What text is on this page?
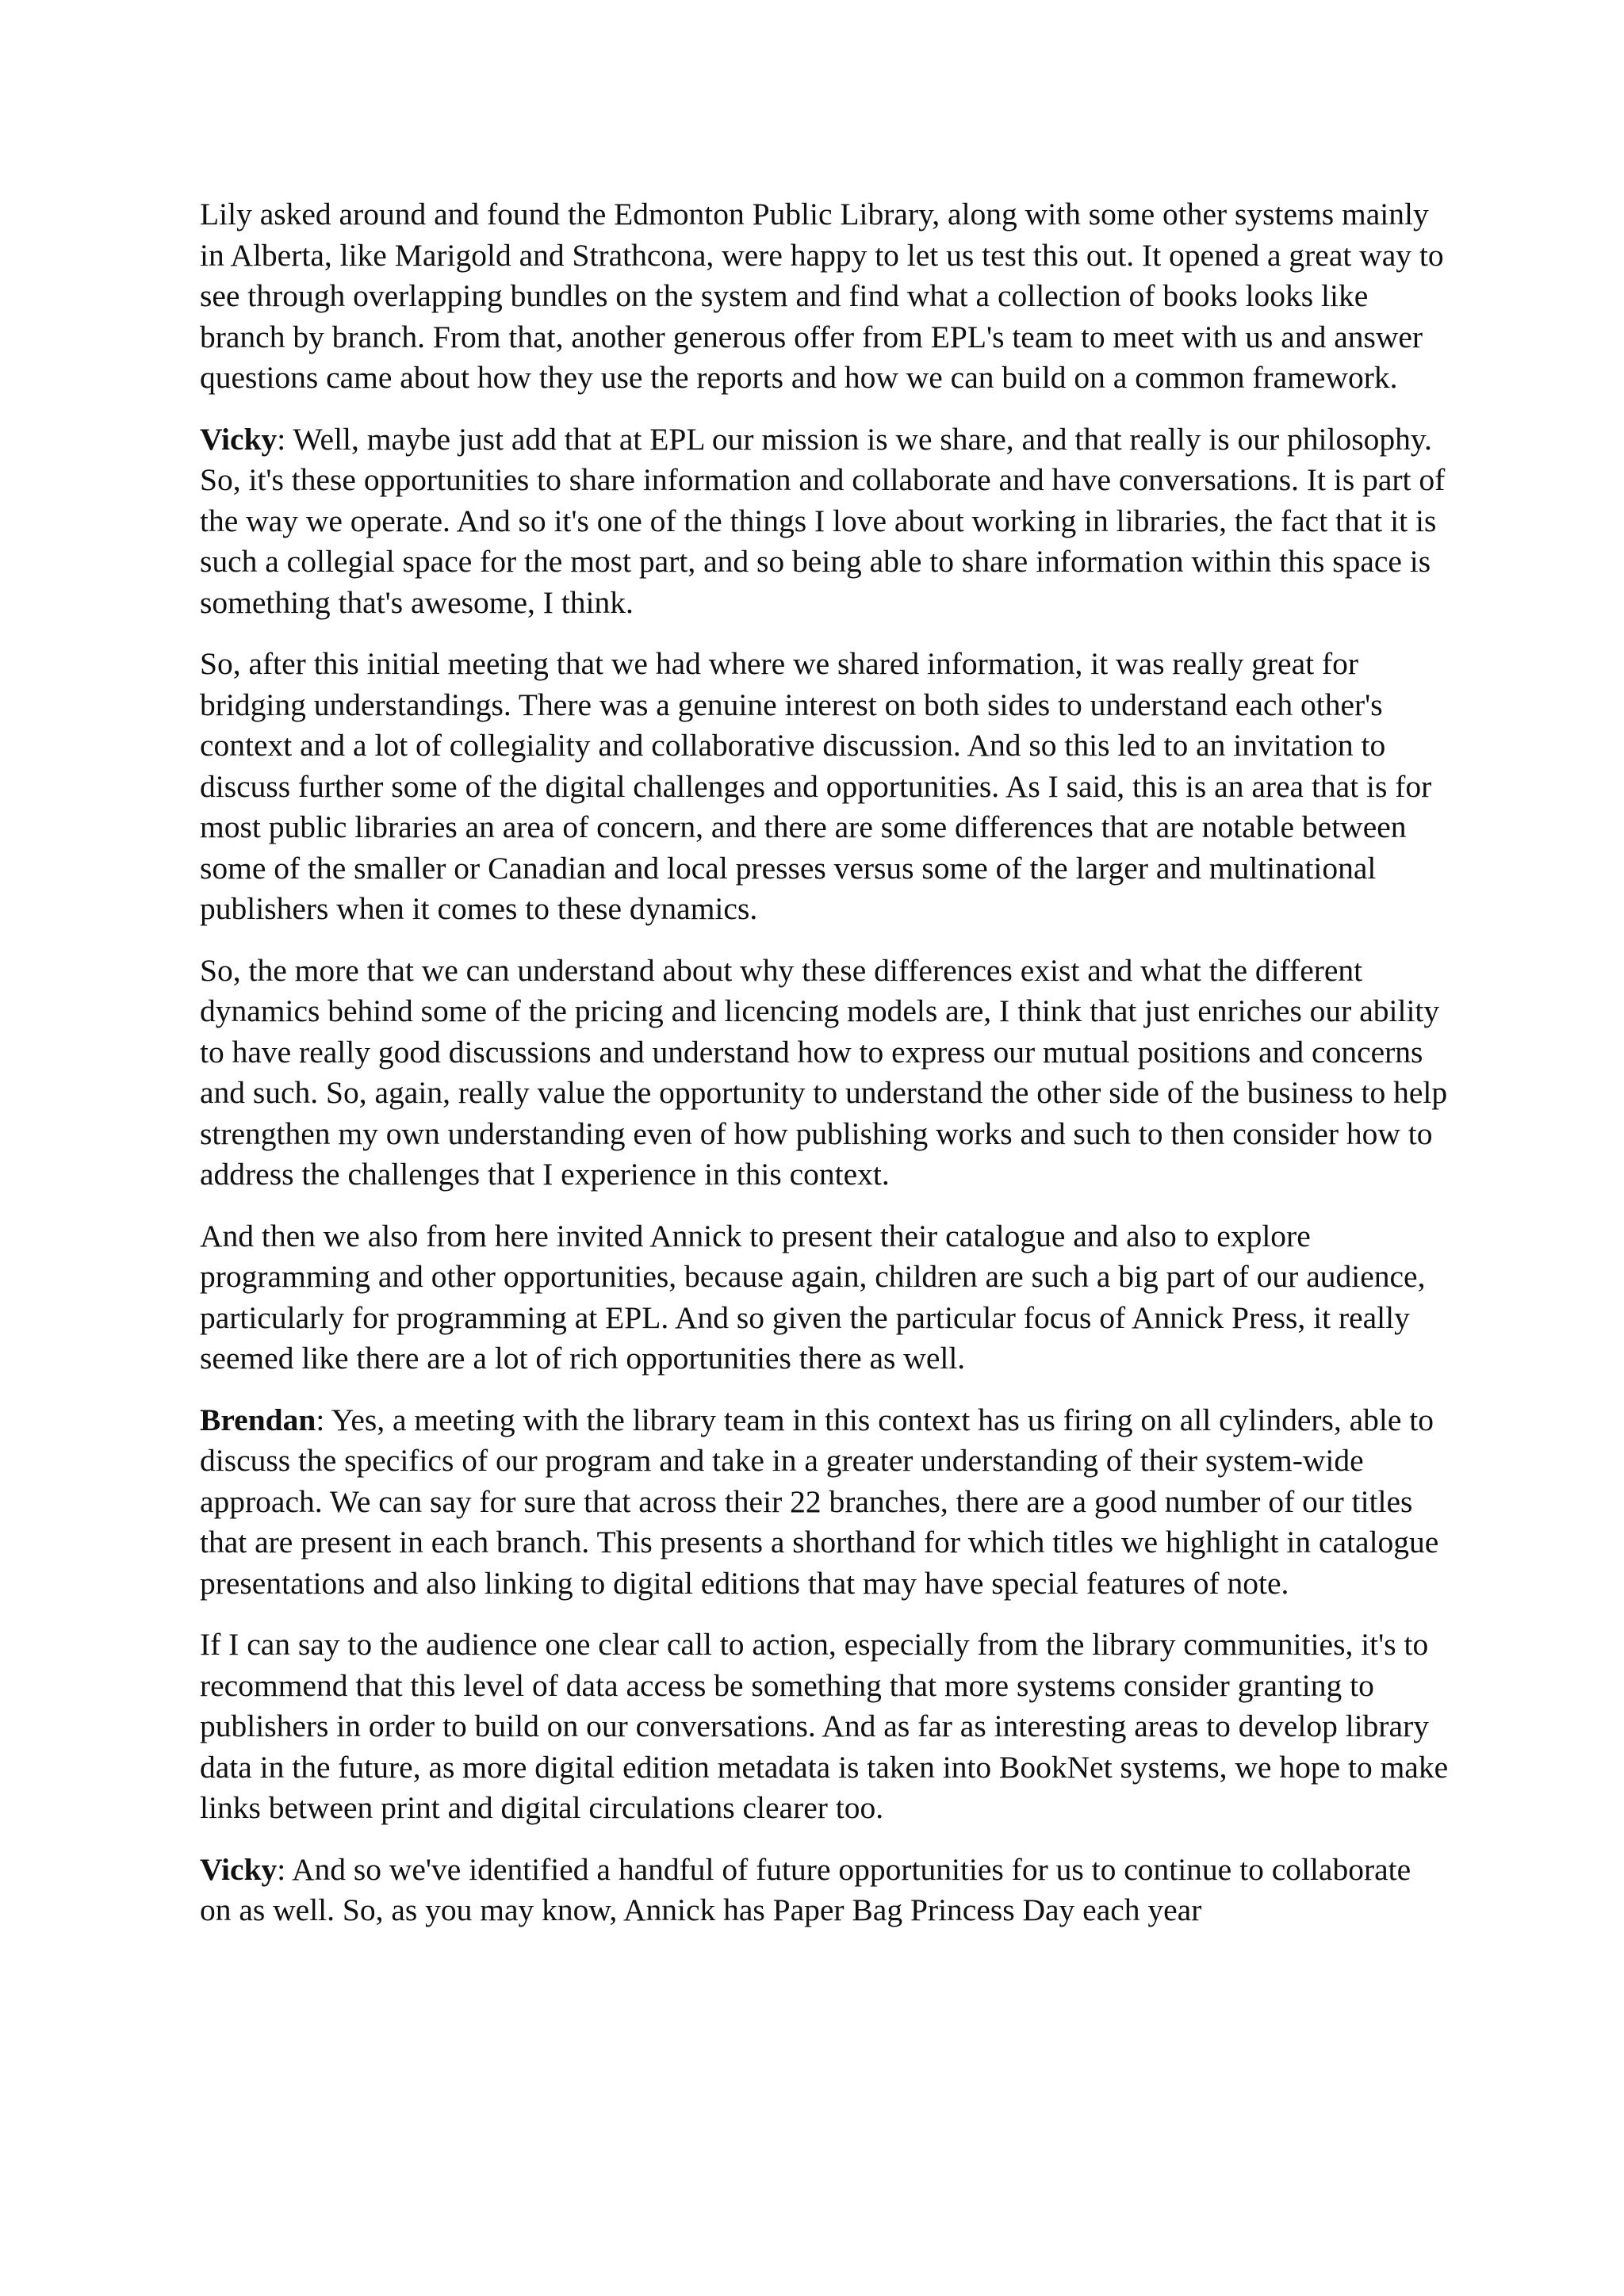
Lily asked around and found the Edmonton Public Library, along with some other systems mainly in Alberta, like Marigold and Strathcona, were happy to let us test this out. It opened a great way to see through overlapping bundles on the system and find what a collection of books looks like branch by branch. From that, another generous offer from EPL's team to meet with us and answer questions came about how they use the reports and how we can build on a common framework.

Vicky: Well, maybe just add that at EPL our mission is we share, and that really is our philosophy. So, it's these opportunities to share information and collaborate and have conversations. It is part of the way we operate. And so it's one of the things I love about working in libraries, the fact that it is such a collegial space for the most part, and so being able to share information within this space is something that's awesome, I think.

So, after this initial meeting that we had where we shared information, it was really great for bridging understandings. There was a genuine interest on both sides to understand each other's context and a lot of collegiality and collaborative discussion. And so this led to an invitation to discuss further some of the digital challenges and opportunities. As I said, this is an area that is for most public libraries an area of concern, and there are some differences that are notable between some of the smaller or Canadian and local presses versus some of the larger and multinational publishers when it comes to these dynamics.

So, the more that we can understand about why these differences exist and what the different dynamics behind some of the pricing and licencing models are, I think that just enriches our ability to have really good discussions and understand how to express our mutual positions and concerns and such. So, again, really value the opportunity to understand the other side of the business to help strengthen my own understanding even of how publishing works and such to then consider how to address the challenges that I experience in this context.

And then we also from here invited Annick to present their catalogue and also to explore programming and other opportunities, because again, children are such a big part of our audience, particularly for programming at EPL. And so given the particular focus of Annick Press, it really seemed like there are a lot of rich opportunities there as well.

Brendan: Yes, a meeting with the library team in this context has us firing on all cylinders, able to discuss the specifics of our program and take in a greater understanding of their system-wide approach. We can say for sure that across their 22 branches, there are a good number of our titles that are present in each branch. This presents a shorthand for which titles we highlight in catalogue presentations and also linking to digital editions that may have special features of note.

If I can say to the audience one clear call to action, especially from the library communities, it's to recommend that this level of data access be something that more systems consider granting to publishers in order to build on our conversations. And as far as interesting areas to develop library data in the future, as more digital edition metadata is taken into BookNet systems, we hope to make links between print and digital circulations clearer too.

Vicky: And so we've identified a handful of future opportunities for us to continue to collaborate on as well. So, as you may know, Annick has Paper Bag Princess Day each year
